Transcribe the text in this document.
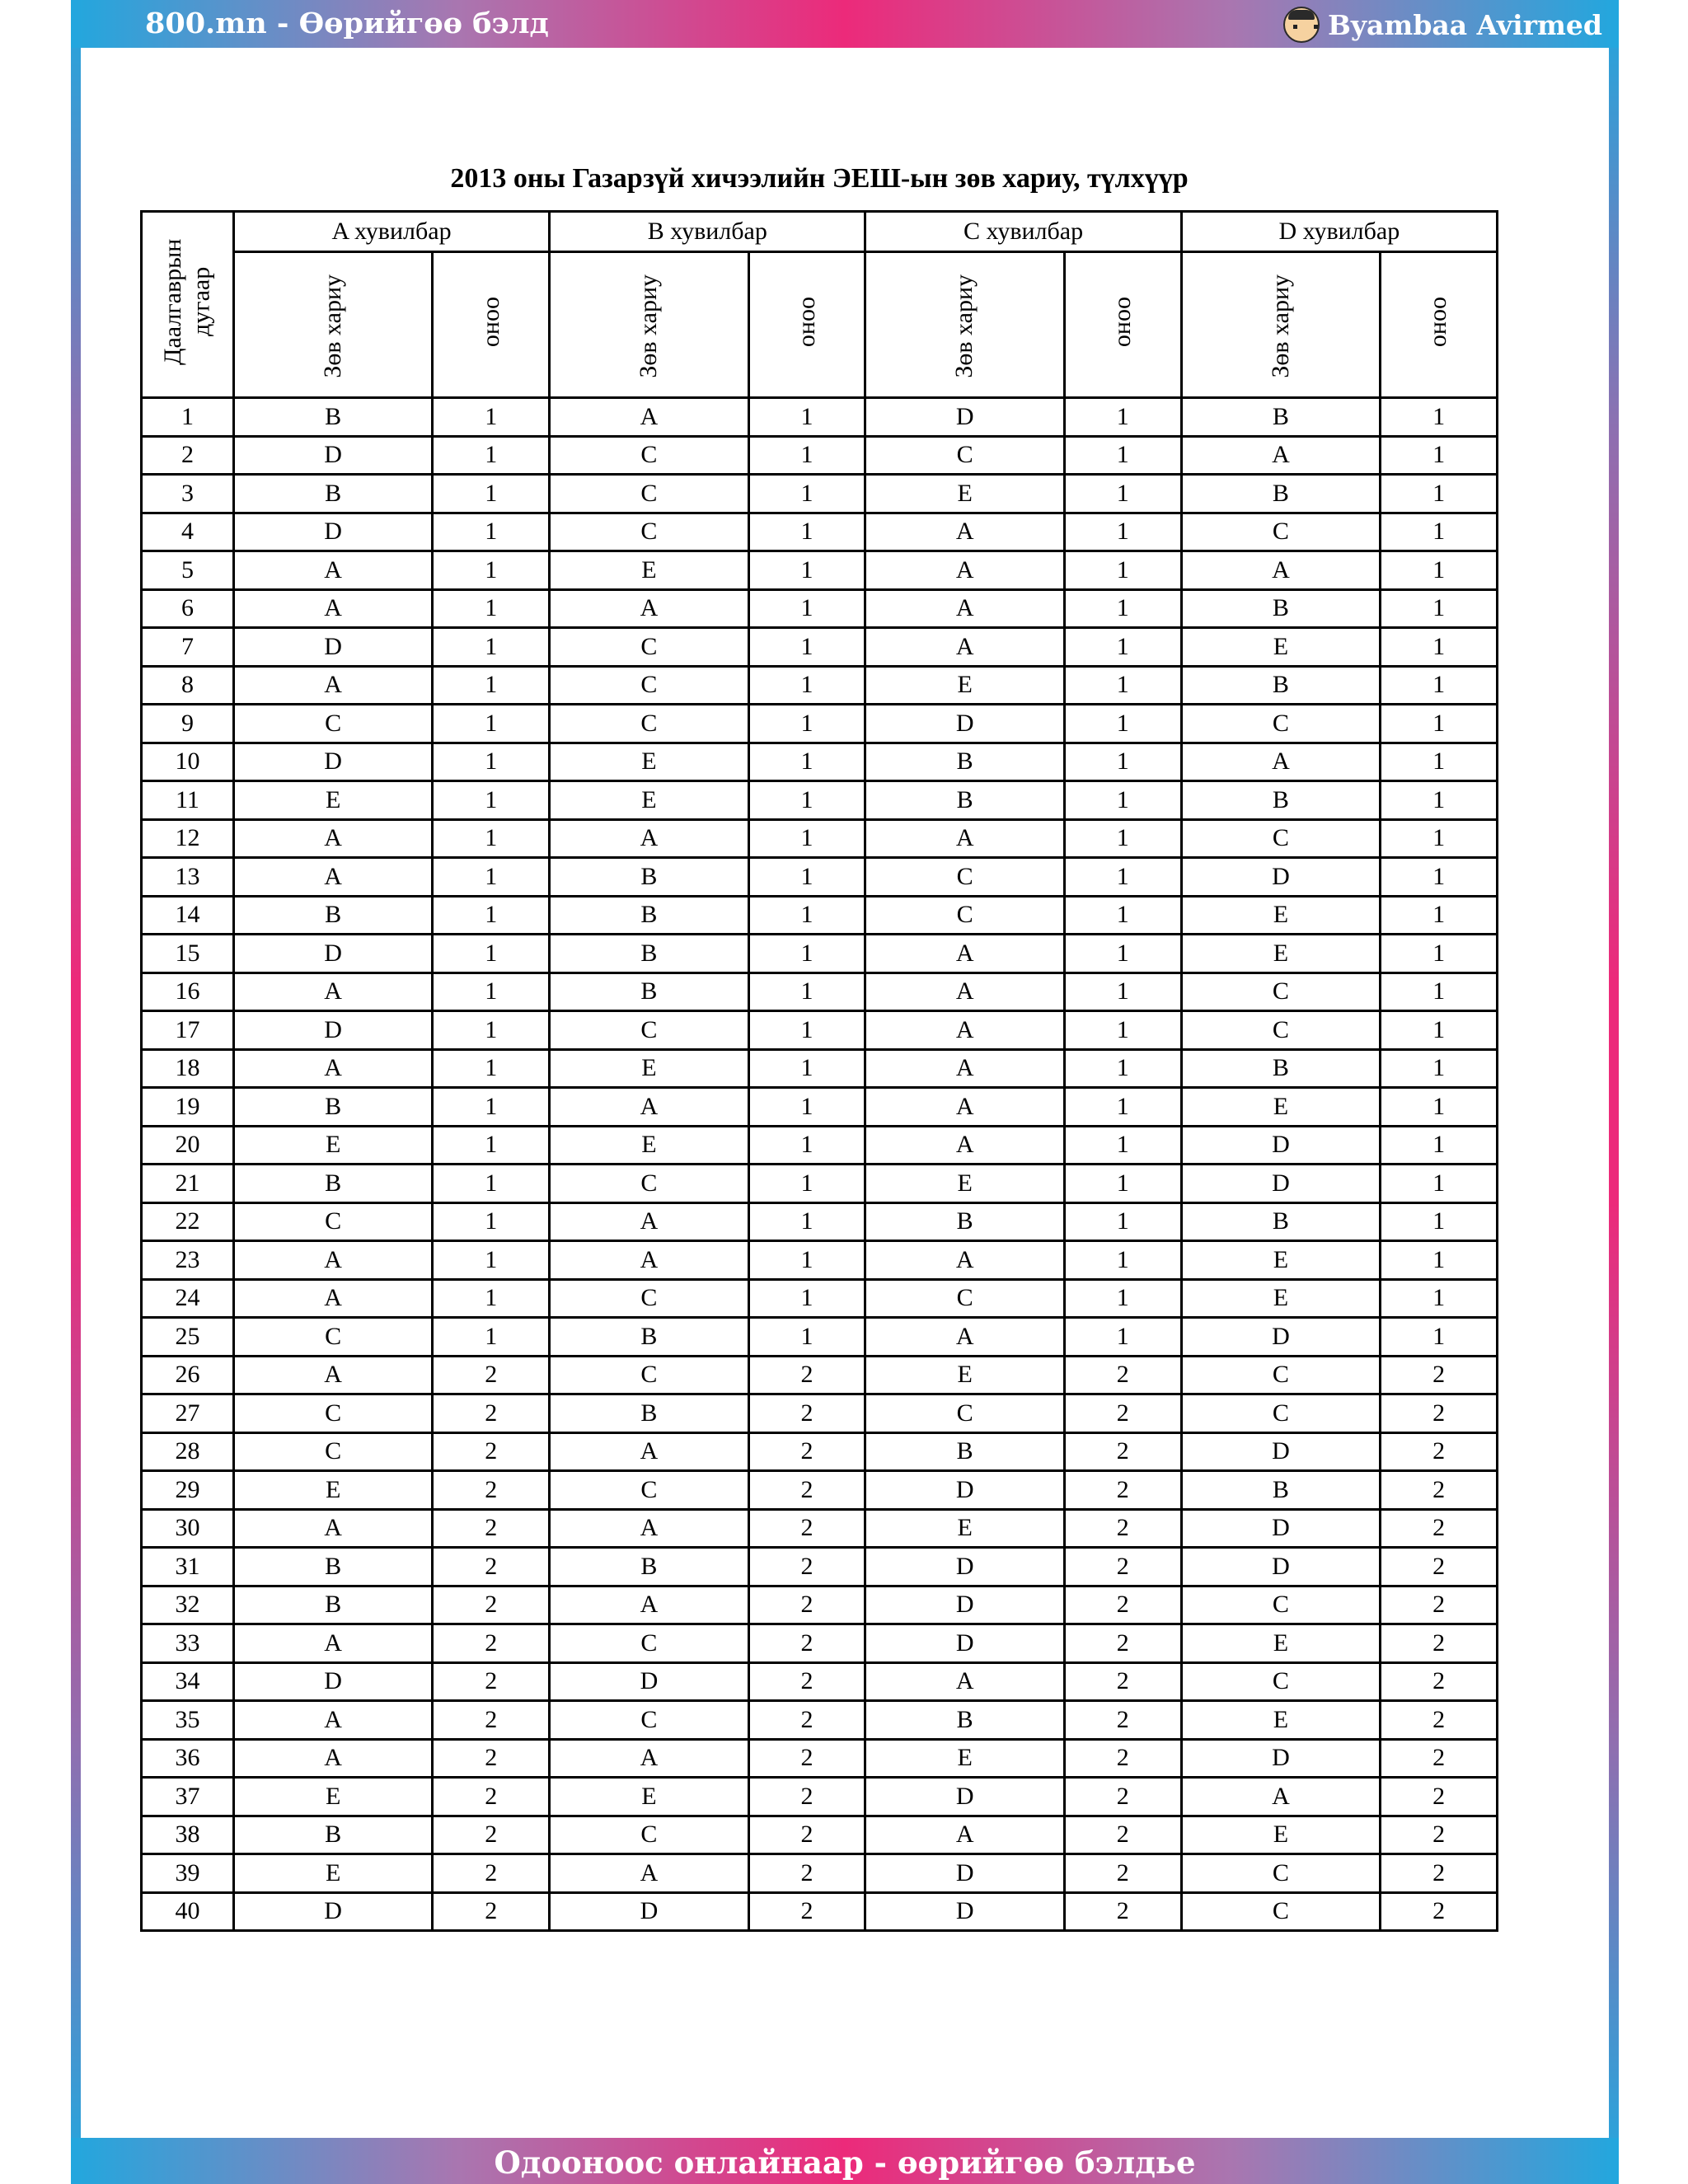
800.mn - Өөрийгөө бэлд	Byambaa Avirmed
2013 оны Газарзүй хичээлийн ЭЕШ-ын зөв хариу, түлхүүр
Даалгаврын дугаар	A хувилбар		B хувилбар		C хувилбар		D хувилбар	
	Зөв хариу	оноо	Зөв хариу	оноо	Зөв хариу	оноо	Зөв хариу	оноо
1	B	1	A	1	D	1	B	1
2	D	1	C	1	C	1	A	1
3	B	1	C	1	E	1	B	1
4	D	1	C	1	A	1	C	1
5	A	1	E	1	A	1	A	1
6	A	1	A	1	A	1	B	1
7	D	1	C	1	A	1	E	1
8	A	1	C	1	E	1	B	1
9	C	1	C	1	D	1	C	1
10	D	1	E	1	B	1	A	1
11	E	1	E	1	B	1	B	1
12	A	1	A	1	A	1	C	1
13	A	1	B	1	C	1	D	1
14	B	1	B	1	C	1	E	1
15	D	1	B	1	A	1	E	1
16	A	1	B	1	A	1	C	1
17	D	1	C	1	A	1	C	1
18	A	1	E	1	A	1	B	1
19	B	1	A	1	A	1	E	1
20	E	1	E	1	A	1	D	1
21	B	1	C	1	E	1	D	1
22	C	1	A	1	B	1	B	1
23	A	1	A	1	A	1	E	1
24	A	1	C	1	C	1	E	1
25	C	1	B	1	A	1	D	1
26	A	2	C	2	E	2	C	2
27	C	2	B	2	C	2	C	2
28	C	2	A	2	B	2	D	2
29	E	2	C	2	D	2	B	2
30	A	2	A	2	E	2	D	2
31	B	2	B	2	D	2	D	2
32	B	2	A	2	D	2	C	2
33	A	2	C	2	D	2	E	2
34	D	2	D	2	A	2	C	2
35	A	2	C	2	B	2	E	2
36	A	2	A	2	E	2	D	2
37	E	2	E	2	D	2	A	2
38	B	2	C	2	A	2	E	2
39	E	2	A	2	D	2	C	2
40	D	2	D	2	D	2	C	2
Одооноос онлайнаар - өөрийгөө бэлдье
